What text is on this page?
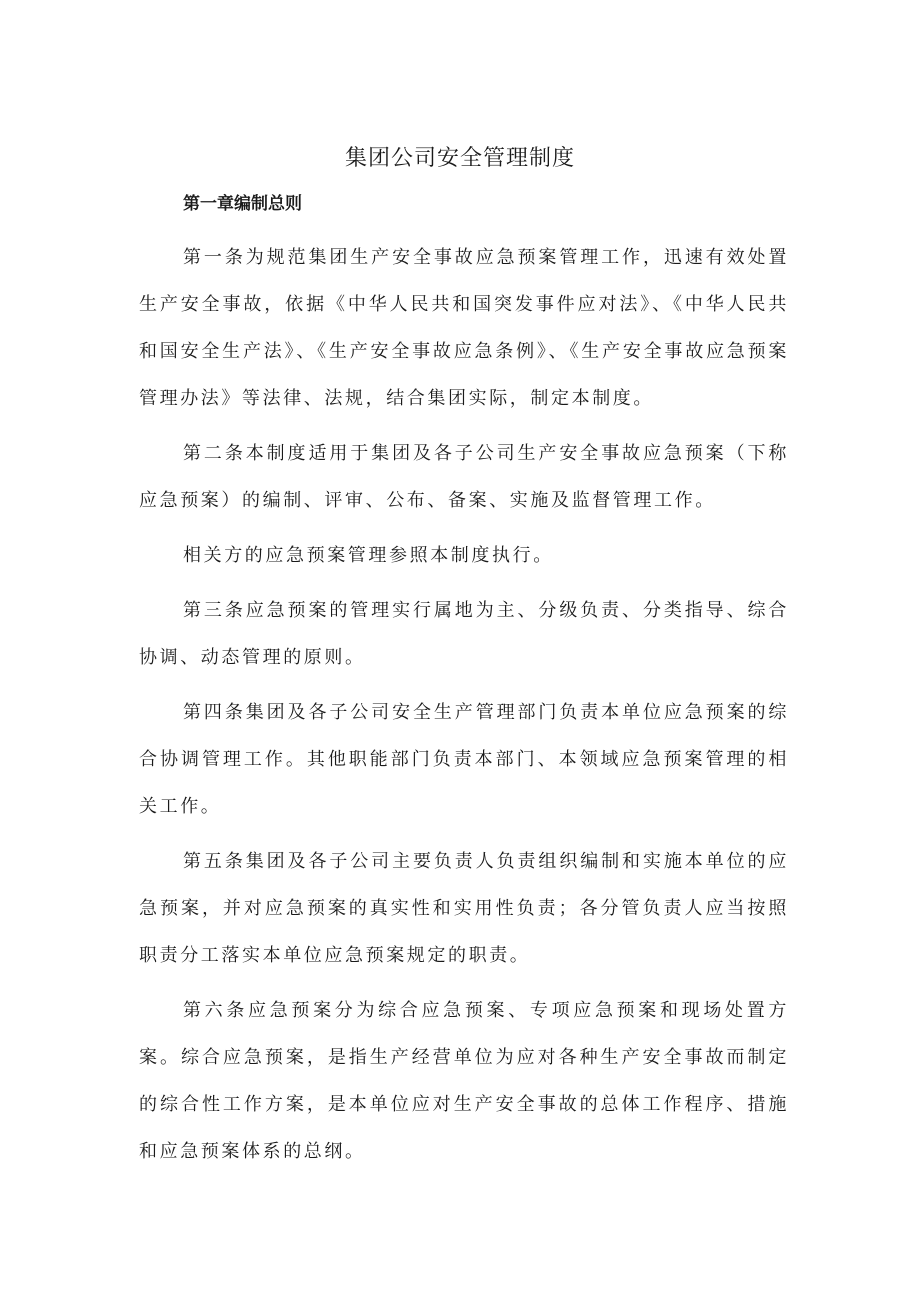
集团公司安全管理制度

第一章编制总则

第一条为规范集团生产安全事故应急预案管理工作，迅速有效处置生产安全事故，依据《中华人民共和国突发事件应对法》、《中华人民共和国安全生产法》、《生产安全事故应急条例》、《生产安全事故应急预案管理办法》等法律、法规，结合集团实际，制定本制度。

第二条本制度适用于集团及各子公司生产安全事故应急预案（下称应急预案）的编制、评审、公布、备案、实施及监督管理工作。

相关方的应急预案管理参照本制度执行。

第三条应急预案的管理实行属地为主、分级负责、分类指导、综合协调、动态管理的原则。

第四条集团及各子公司安全生产管理部门负责本单位应急预案的综合协调管理工作。其他职能部门负责本部门、本领域应急预案管理的相关工作。

第五条集团及各子公司主要负责人负责组织编制和实施本单位的应急预案，并对应急预案的真实性和实用性负责；各分管负责人应当按照职责分工落实本单位应急预案规定的职责。

第六条应急预案分为综合应急预案、专项应急预案和现场处置方案。综合应急预案，是指生产经营单位为应对各种生产安全事故而制定的综合性工作方案，是本单位应对生产安全事故的总体工作程序、措施和应急预案体系的总纲。
